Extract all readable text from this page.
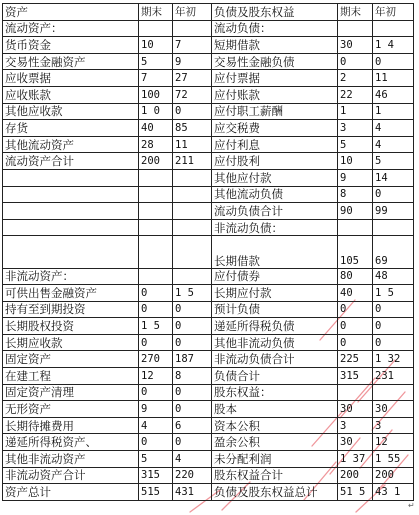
资产	期末	年初	负债及股东权益	期末	年初
流动资产：			流动负债：		
货币资金	10	7	短期借款	30	1 4
交易性金融资产	5	9	交易性金融负债	0	0
应收票据	7	27	应付票据	2	11
应收账款	100	72	应付账款	22	46
其他应收款	1 0	0	应付职工薪酬	1	1
存货	40	85	应交税费	3	4
其他流动资产	28	11	应付利息	5	4
流动资产合计	200	211	应付股利	10	5
			其他应付款	9	14
			其他流动负债	8	0
			流动负债合计	90	99
			非流动负债：		
			长期借款	105	69
非流动资产：			应付债券	80	48
可供出售金融资产	0	1 5	长期应付款	40	1 5
持有至到期投资	0	0	预计负债	0	0
长期股权投资	1 5	0	递延所得税负债	0	0
长期应收款	0	0	其他非流动负债	0	0
固定资产	270	187	非流动负债合计	225	1 32
在建工程	12	8	负债合计	315	231
固定资产清理	0	0	股东权益：		
无形资产	9	0	股本	30	30
长期待摊费用	4	6	资本公积	3	3
递延所得税资产、	0	0	盈余公积	30	12
其他非流动资产	5	4	未分配利润	1 37	1 55
非流动资产合计	315	220	股东权益合计	200	200
资产总计	515	431	负债及股东权益总计	51 5	43 1
↵
